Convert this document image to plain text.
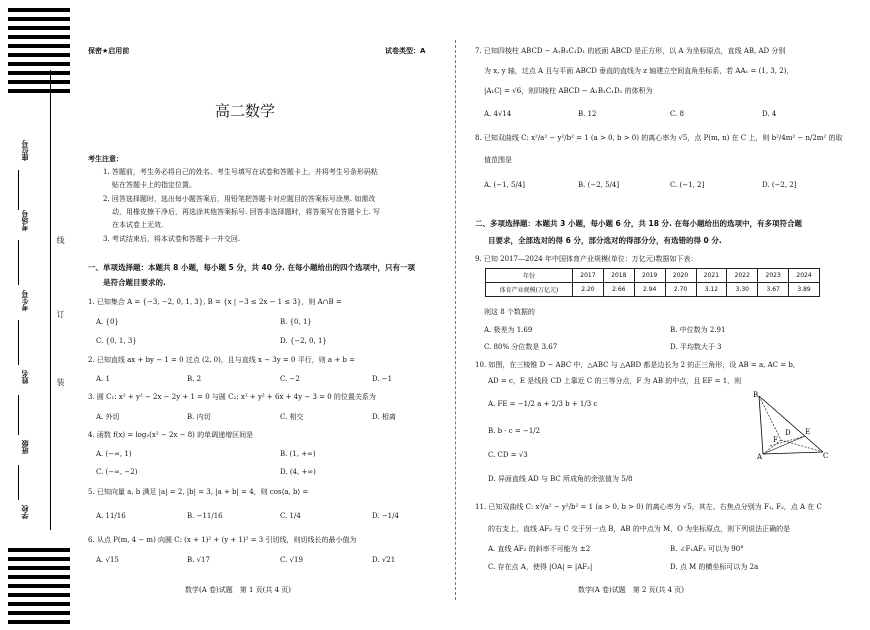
座位号
考场号
考生号
姓名
班级
学校
线
订
装
保密★启用前	试卷类型：A
高二数学
考生注意：
1. 答题前，考生务必将自己的姓名、考生号填写在试卷和答题卡上，并将考生号条形码粘
贴在答题卡上的指定位置。
2. 回答选择题时，选出每小题答案后，用铅笔把答题卡对应题目的答案标号涂黑. 如需改
动，用橡皮擦干净后，再选涂其他答案标号. 回答非选择题时，将答案写在答题卡上. 写
在本试卷上无效.
3. 考试结束后，将本试卷和答题卡一并交回.
一、单项选择题：本题共 8 小题，每小题 5 分，共 40 分. 在每小题给出的四个选项中，只有一项
是符合题目要求的.
1. 已知集合 A = {−3, −2, 0, 1, 3}, B = {x | −3 ≤ 2x − 1 ≤ 3}，则 A∩B =
A. {0}	B. {0, 1}
C. {0, 1, 3}	D. {−2, 0, 1}
2. 已知直线 ax + by − 1 = 0 过点 (2, 0)，且与直线 x − 3y = 0 平行，则 a + b =
A. 1	B. 2	C. −2	D. −1
3. 圆 C₁: x² + y² − 2x − 2y + 1 = 0 与圆 C₂: x² + y² + 6x + 4y − 3 = 0 的位置关系为
A. 外切	B. 内切	C. 相交	D. 相离
4. 函数 f(x) = log₂(x² − 2x − 8) 的单调递增区间是
A. (−∞, 1)	B. (1, +∞)
C. (−∞, −2)	D. (4, +∞)
5. 已知向量 a, b 满足 |a| = 2, |b| = 3, |a + b| = 4，则 cos⟨a, b⟩ =
A. 11/16	B. −11/16	C. 1/4	D. −1/4
6. 从点 P(m, 4 − m) 向圆 C: (x + 1)² + (y + 1)² = 3 引切线，则切线长的最小值为
A. √15	B. √17	C. √19	D. √21
数学(A 卷)试题　第 1 页(共 4 页)
7. 已知四棱柱 ABCD − A₁B₁C₁D₁ 的底面 ABCD 是正方形，以 A 为坐标原点，直线 AB, AD 分别
为 x, y 轴，过点 A 且与平面 ABCD 垂直的直线为 z 轴建立空间直角坐标系，若 AA₁ = (1, 3, 2)，
|A₁C| = √6，则四棱柱 ABCD − A₁B₁C₁D₁ 的体积为
A. 4√14	B. 12	C. 8	D. 4
8. 已知双曲线 C: x²/a² − y²/b² = 1 (a > 0, b > 0) 的离心率为 √5，点 P(m, n) 在 C 上，则 b²/4m² − n/2m² 的取
值范围是
A. (−1, 5/4]	B. (−2, 5/4]	C. (−1, 2]	D. (−2, 2]
二、多项选择题：本题共 3 小题，每小题 6 分，共 18 分. 在每小题给出的选项中，有多项符合题
目要求，全部选对的得 6 分，部分选对的得部分分，有选错的得 0 分.
9. 已知 2017—2024 年中国体育产业规模(单位：万亿元)数据如下表：
年份	2017	2018	2019	2020	2021	2022	2023	2024
体育产业规模(万亿元)	2.20	2.66	2.94	2.70	3.12	3.30	3.67	3.89
则这 8 个数据的
A. 极差为 1.69	B. 中位数为 2.91
C. 80% 分位数是 3.67	D. 平均数大于 3
10. 如图，在三棱锥 D − ABC 中，△ABC 与 △ABD 都是边长为 2 的正三角形，设 AB = a, AC = b,
AD = c，E 是线段 CD 上靠近 C 的三等分点，F 为 AB 的中点，且 EF = 1，则
A. FE = −1/2 a + 2/3 b + 1/3 c
B. b · c = −1/2
C. CD = √3
D. 异面直线 AD 与 BC 所成角的余弦值为 5/8
B
F
D E
A	C
11. 已知双曲线 C: x²/a² − y²/b² = 1 (a > 0, b > 0) 的离心率为 √5，其左、右焦点分别为 F₁, F₂，点 A 在 C
的右支上，直线 AF₂ 与 C 交于另一点 B，AB 的中点为 M，O 为坐标原点，则下列说法正确的是
A. 直线 AF₂ 的斜率不可能为 ±2	B. ∠F₁AF₂ 可以为 90°
C. 存在点 A，使得 |OA| = |AF₂|	D. 点 M 的横坐标可以为 2a
数学(A 卷)试题　第 2 页(共 4 页)
